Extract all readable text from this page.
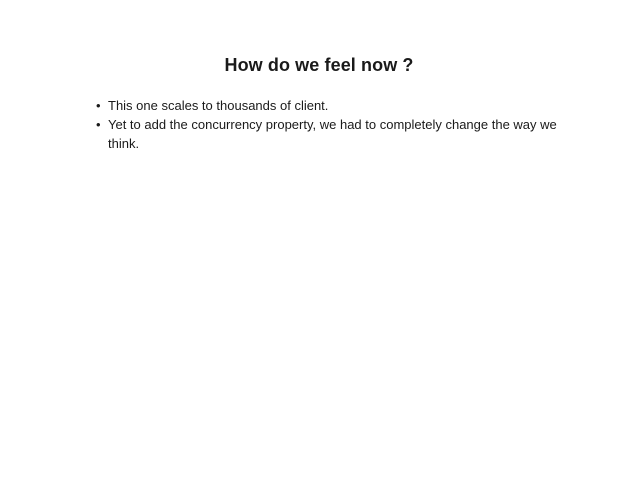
How do we feel now ?
• This one scales to thousands of client.
• Yet to add the concurrency property, we had to completely change the way we think.
